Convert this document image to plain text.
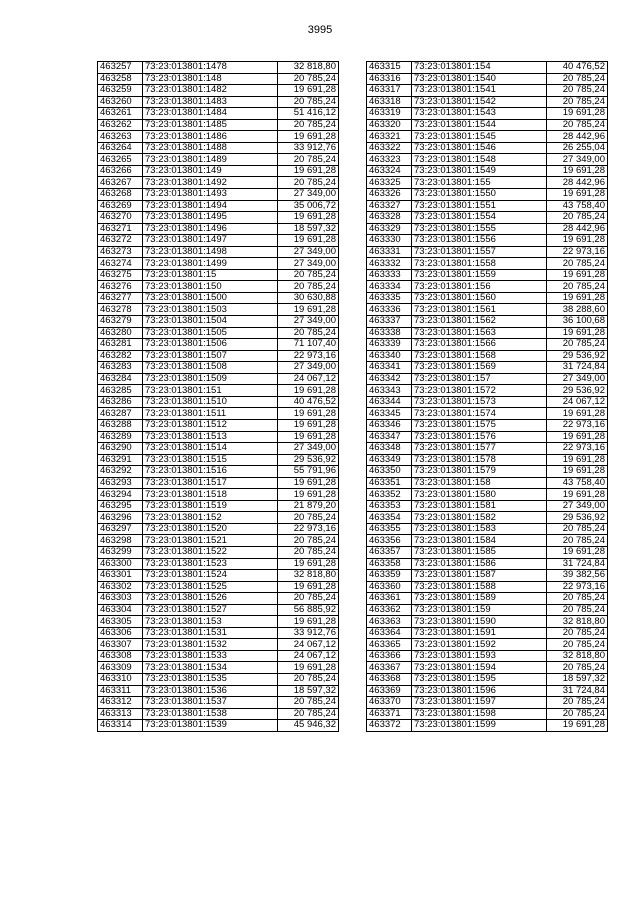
3995
463257	73:23:013801:1478	32 818,80
463258	73:23:013801:148	20 785,24
463259	73:23:013801:1482	19 691,28
463260	73:23:013801:1483	20 785,24
463261	73:23:013801:1484	51 416,12
463262	73:23:013801:1485	20 785,24
463263	73:23:013801:1486	19 691,28
463264	73:23:013801:1488	33 912,76
463265	73:23:013801:1489	20 785,24
463266	73:23:013801:149	19 691,28
463267	73:23:013801:1492	20 785,24
463268	73:23:013801:1493	27 349,00
463269	73:23:013801:1494	35 006,72
463270	73:23:013801:1495	19 691,28
463271	73:23:013801:1496	18 597,32
463272	73:23:013801:1497	19 691,28
463273	73:23:013801:1498	27 349,00
463274	73:23:013801:1499	27 349,00
463275	73:23:013801:15	20 785,24
463276	73:23:013801:150	20 785,24
463277	73:23:013801:1500	30 630,88
463278	73:23:013801:1503	19 691,28
463279	73:23:013801:1504	27 349,00
463280	73:23:013801:1505	20 785,24
463281	73:23:013801:1506	71 107,40
463282	73:23:013801:1507	22 973,16
463283	73:23:013801:1508	27 349,00
463284	73:23:013801:1509	24 067,12
463285	73:23:013801:151	19 691,28
463286	73:23:013801:1510	40 476,52
463287	73:23:013801:1511	19 691,28
463288	73:23:013801:1512	19 691,28
463289	73:23:013801:1513	19 691,28
463290	73:23:013801:1514	27 349,00
463291	73:23:013801:1515	29 536,92
463292	73:23:013801:1516	55 791,96
463293	73:23:013801:1517	19 691,28
463294	73:23:013801:1518	19 691,28
463295	73:23:013801:1519	21 879,20
463296	73:23:013801:152	20 785,24
463297	73:23:013801:1520	22 973,16
463298	73:23:013801:1521	20 785,24
463299	73:23:013801:1522	20 785,24
463300	73:23:013801:1523	19 691,28
463301	73:23:013801:1524	32 818,80
463302	73:23:013801:1525	19 691,28
463303	73:23:013801:1526	20 785,24
463304	73:23:013801:1527	56 885,92
463305	73:23:013801:153	19 691,28
463306	73:23:013801:1531	33 912,76
463307	73:23:013801:1532	24 067,12
463308	73:23:013801:1533	24 067,12
463309	73:23:013801:1534	19 691,28
463310	73:23:013801:1535	20 785,24
463311	73:23:013801:1536	18 597,32
463312	73:23:013801:1537	20 785,24
463313	73:23:013801:1538	20 785,24
463314	73:23:013801:1539	45 946,32
463315	73:23:013801:154	40 476,52
463316	73:23:013801:1540	20 785,24
463317	73:23:013801:1541	20 785,24
463318	73:23:013801:1542	20 785,24
463319	73:23:013801:1543	19 691,28
463320	73:23:013801:1544	20 785,24
463321	73:23:013801:1545	28 442,96
463322	73:23:013801:1546	26 255,04
463323	73:23:013801:1548	27 349,00
463324	73:23:013801:1549	19 691,28
463325	73:23:013801:155	28 442,96
463326	73:23:013801:1550	19 691,28
463327	73:23:013801:1551	43 758,40
463328	73:23:013801:1554	20 785,24
463329	73:23:013801:1555	28 442,96
463330	73:23:013801:1556	19 691,28
463331	73:23:013801:1557	22 973,16
463332	73:23:013801:1558	20 785,24
463333	73:23:013801:1559	19 691,28
463334	73:23:013801:156	20 785,24
463335	73:23:013801:1560	19 691,28
463336	73:23:013801:1561	38 288,60
463337	73:23:013801:1562	36 100,68
463338	73:23:013801:1563	19 691,28
463339	73:23:013801:1566	20 785,24
463340	73:23:013801:1568	29 536,92
463341	73:23:013801:1569	31 724,84
463342	73:23:013801:157	27 349,00
463343	73:23:013801:1572	29 536,92
463344	73:23:013801:1573	24 067,12
463345	73:23:013801:1574	19 691,28
463346	73:23:013801:1575	22 973,16
463347	73:23:013801:1576	19 691,28
463348	73:23:013801:1577	22 973,16
463349	73:23:013801:1578	19 691,28
463350	73:23:013801:1579	19 691,28
463351	73:23:013801:158	43 758,40
463352	73:23:013801:1580	19 691,28
463353	73:23:013801:1581	27 349,00
463354	73:23:013801:1582	29 536,92
463355	73:23:013801:1583	20 785,24
463356	73:23:013801:1584	20 785,24
463357	73:23:013801:1585	19 691,28
463358	73:23:013801:1586	31 724,84
463359	73:23:013801:1587	39 382,56
463360	73:23:013801:1588	22 973,16
463361	73:23:013801:1589	20 785,24
463362	73:23:013801:159	20 785,24
463363	73:23:013801:1590	32 818,80
463364	73:23:013801:1591	20 785,24
463365	73:23:013801:1592	20 785,24
463366	73:23:013801:1593	32 818,80
463367	73:23:013801:1594	20 785,24
463368	73:23:013801:1595	18 597,32
463369	73:23:013801:1596	31 724,84
463370	73:23:013801:1597	20 785,24
463371	73:23:013801:1598	20 785,24
463372	73:23:013801:1599	19 691,28
